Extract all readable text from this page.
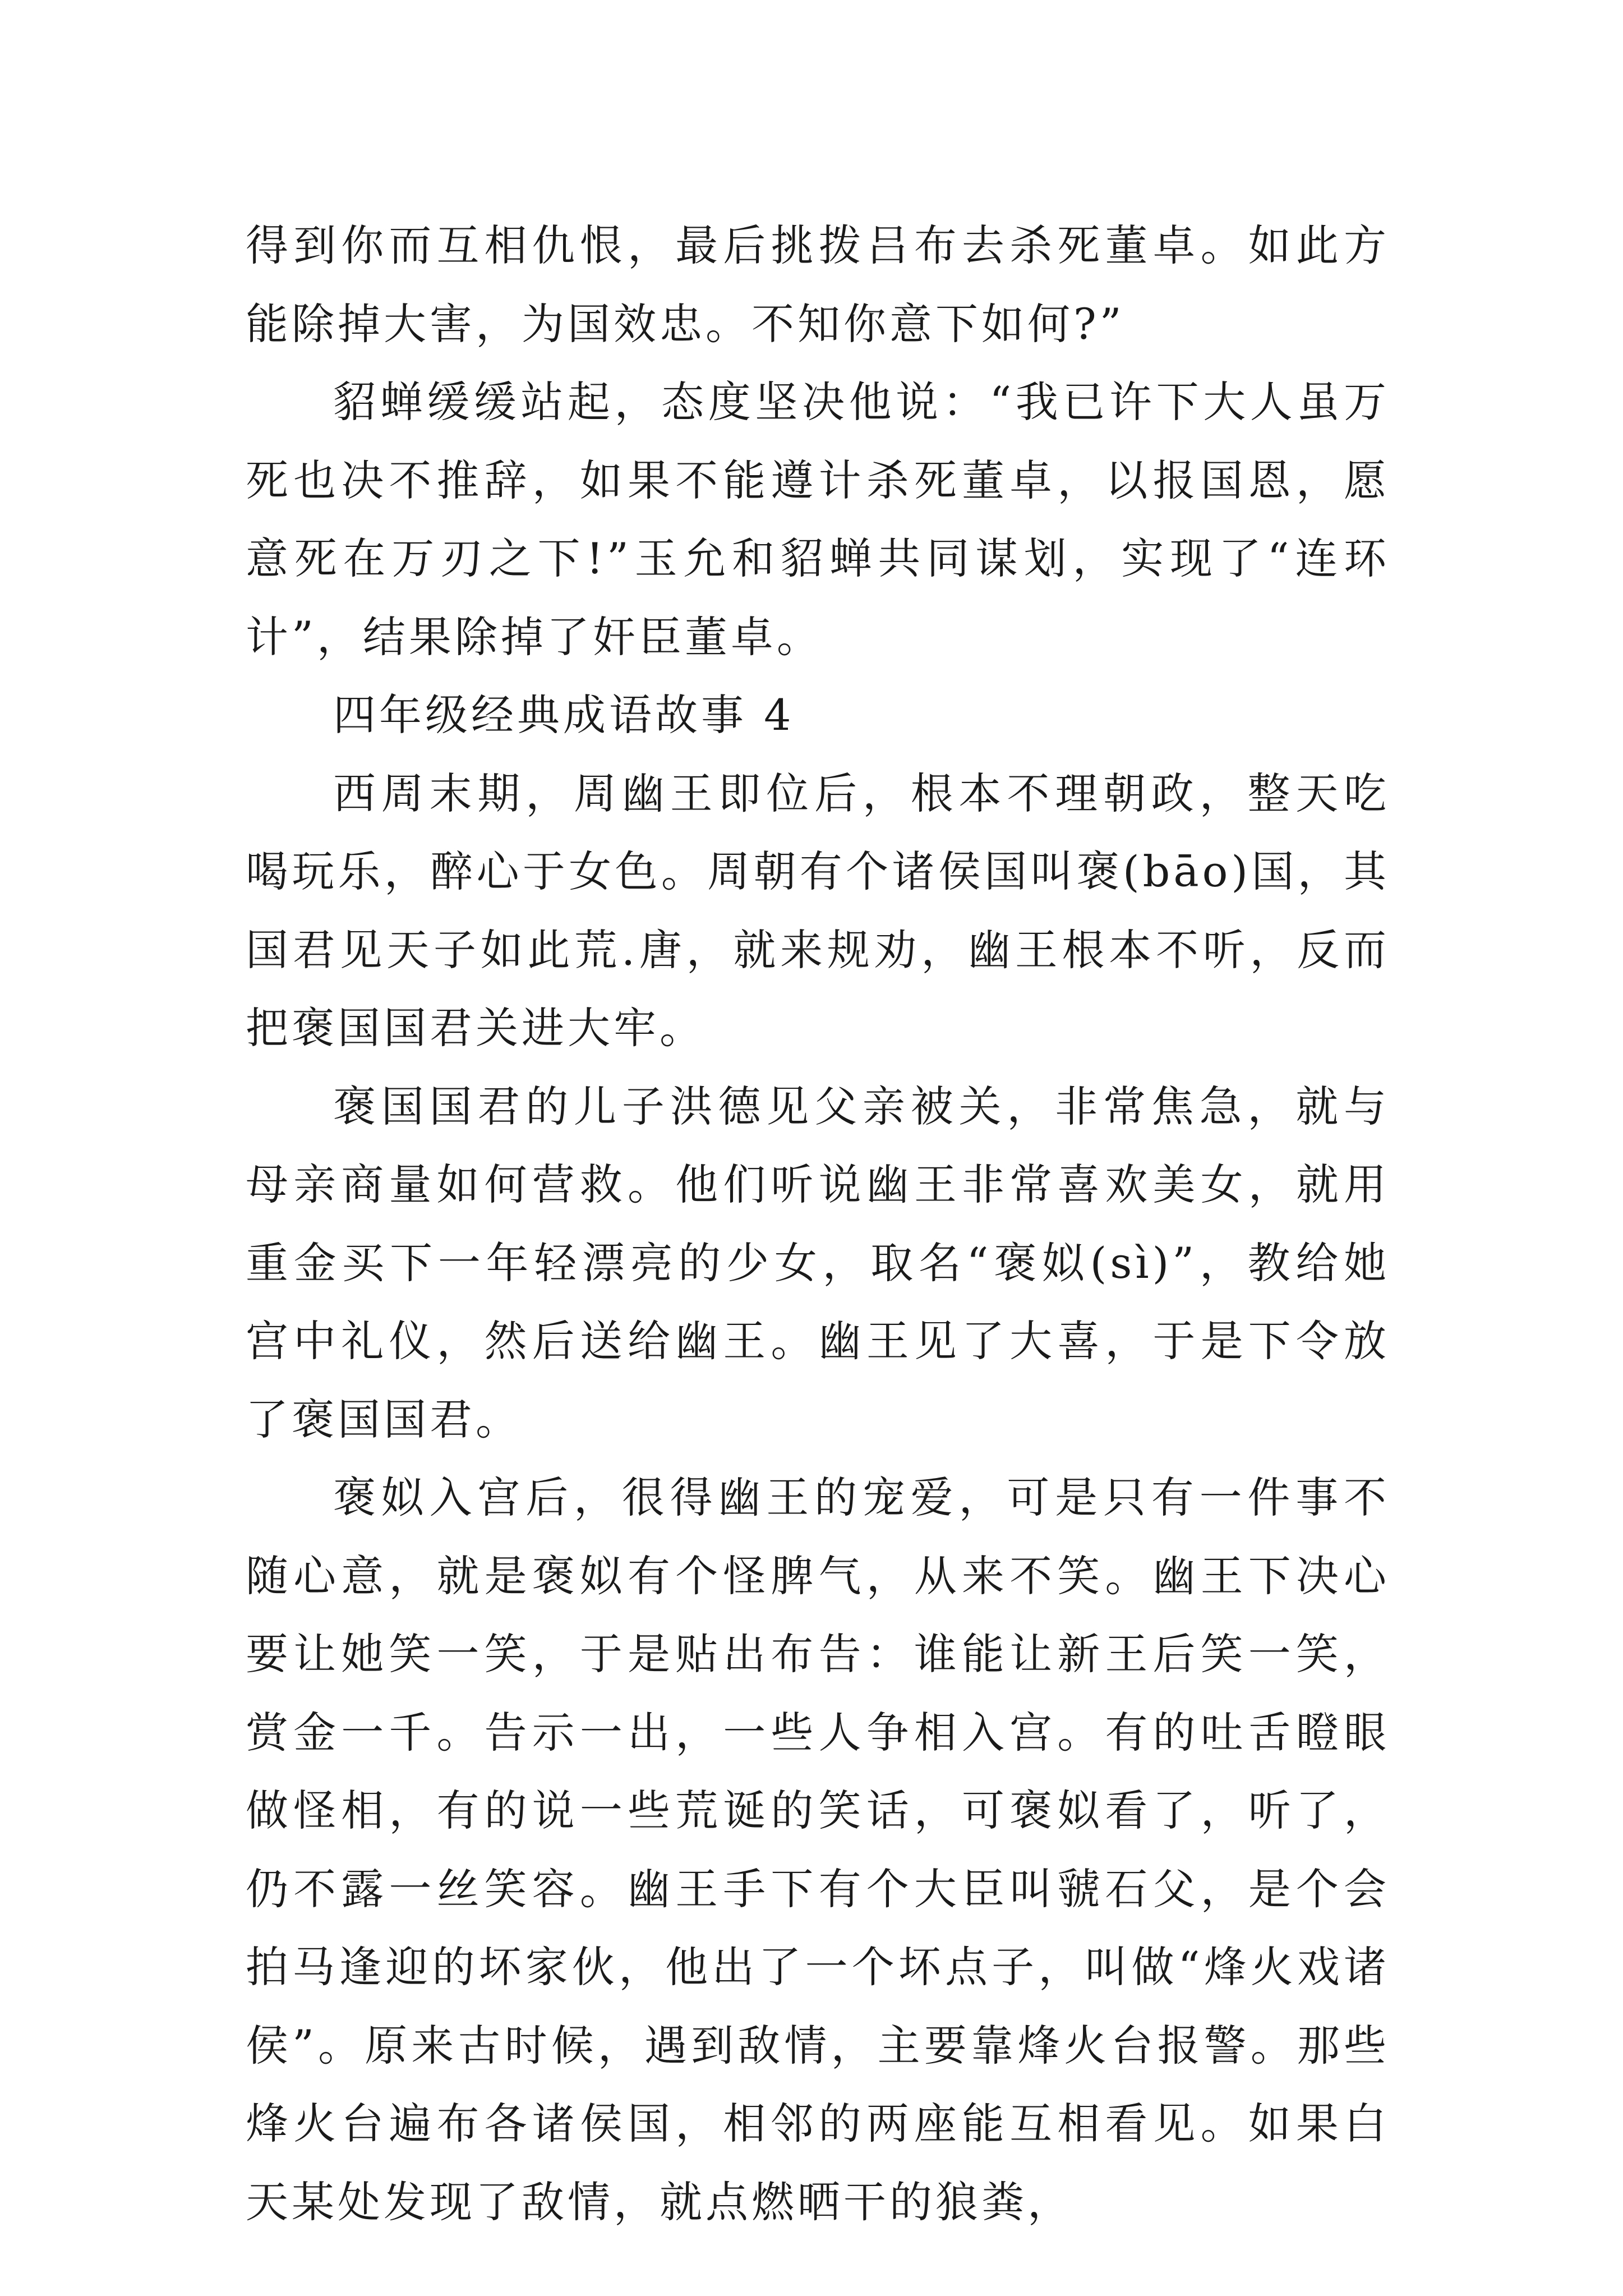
得到你而互相仇恨，最后挑拨吕布去杀死董卓。如此方能除掉大害，为国效忠。不知你意下如何?”

貂蝉缓缓站起，态度坚决他说：“我已许下大人虽万死也决不推辞，如果不能遵计杀死董卓，以报国恩，愿意死在万刃之下!”玉允和貂蝉共同谋划，实现了“连环计”，结果除掉了奸臣董卓。

四年级经典成语故事 4

西周末期，周幽王即位后，根本不理朝政，整天吃喝玩乐，醉心于女色。周朝有个诸侯国叫褒(bāo)国，其国君见天子如此荒.唐，就来规劝，幽王根本不听，反而把褒国国君关进大牢。

褒国国君的儿子洪德见父亲被关，非常焦急，就与母亲商量如何营救。他们听说幽王非常喜欢美女，就用重金买下一年轻漂亮的少女，取名“褒姒(sì)”，教给她宫中礼仪，然后送给幽王。幽王见了大喜，于是下令放了褒国国君。

褒姒入宫后，很得幽王的宠爱，可是只有一件事不随心意，就是褒姒有个怪脾气，从来不笑。幽王下决心要让她笑一笑，于是贴出布告：谁能让新王后笑一笑，赏金一千。告示一出，一些人争相入宫。有的吐舌瞪眼做怪相，有的说一些荒诞的笑话，可褒姒看了，听了，仍不露一丝笑容。幽王手下有个大臣叫虢石父，是个会拍马逢迎的坏家伙，他出了一个坏点子，叫做“烽火戏诸侯”。原来古时候，遇到敌情，主要靠烽火台报警。那些烽火台遍布各诸侯国，相邻的两座能互相看见。如果白天某处发现了敌情，就点燃晒干的狼粪，
